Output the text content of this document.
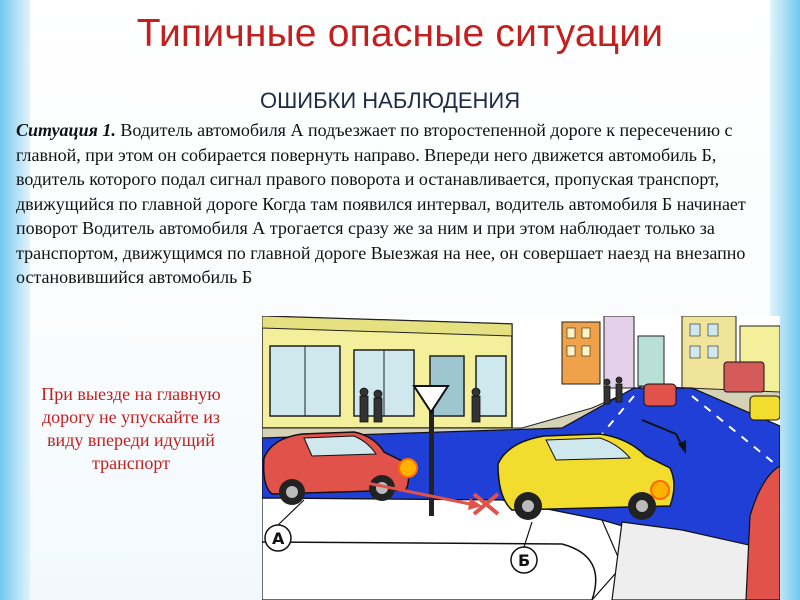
Типичные опасные ситуации
ОШИБКИ НАБЛЮДЕНИЯ
Ситуация 1. Водитель автомобиля А подъезжает по второстепенной дороге к пересечению с главной, при этом он собирается повернуть направо. Впереди него движется автомобиль Б, водитель которого подал сигнал правого поворота и останавливается, пропуская транспорт, движущийся по главной дороге Когда там появился интервал, водитель автомобиля Б начинает поворот Водитель автомобиля А трогается сразу же за ним и при этом наблюдает только за транспортом, движущимся по главной дороге Выезжая на нее, он совершает наезд на внезапно остановившийся автомобиль Б
При выезде на главную дорогу не упускайте из виду впереди идущий транспорт
А
Б
